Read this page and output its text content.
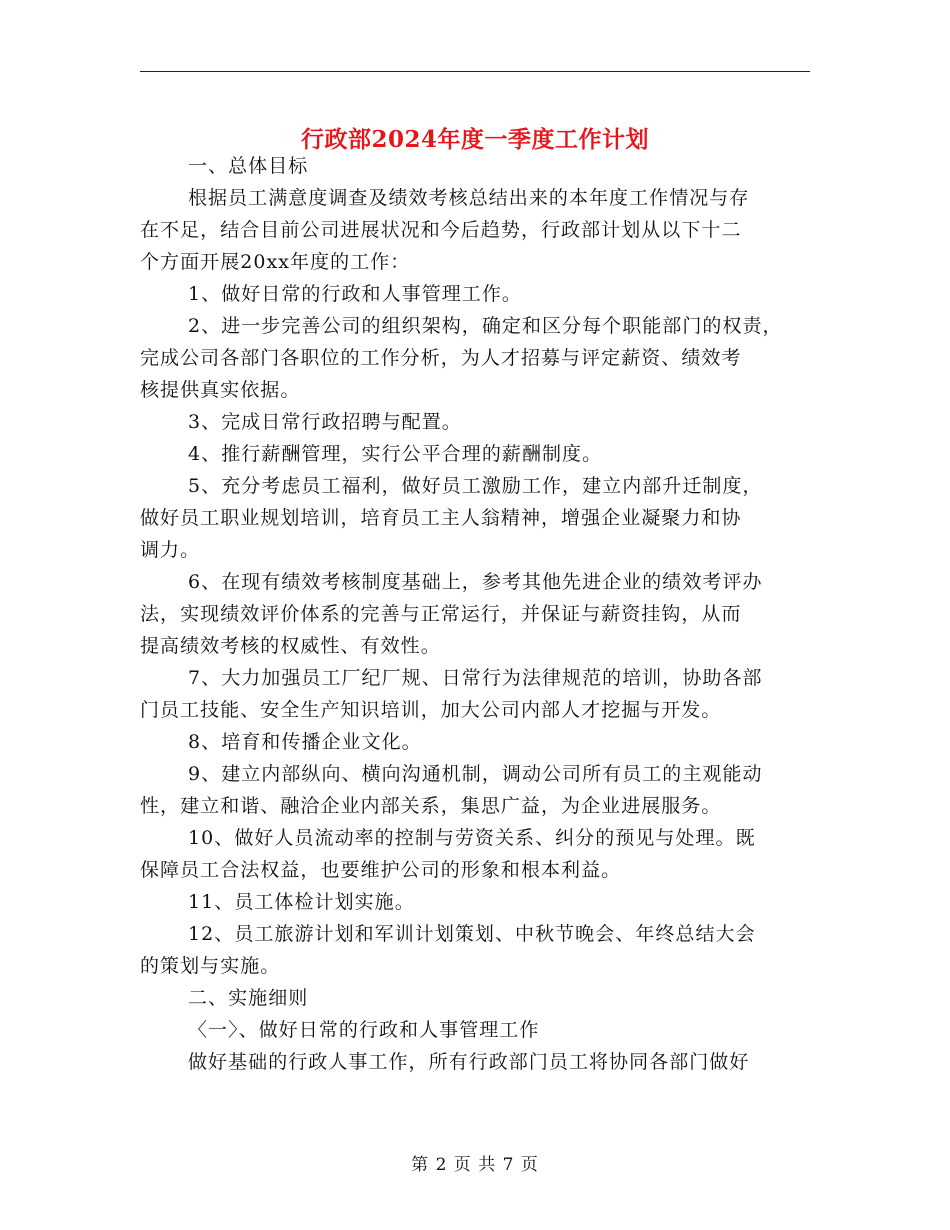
行政部2024年度一季度工作计划

一、总体目标

根据员工满意度调查及绩效考核总结出来的本年度工作情况与存
在不足，结合目前公司进展状况和今后趋势，行政部计划从以下十二
个方面开展20xx年度的工作：

1、做好日常的行政和人事管理工作。

2、进一步完善公司的组织架构，确定和区分每个职能部门的权责，
完成公司各部门各职位的工作分析，为人才招募与评定薪资、绩效考
核提供真实依据。

3、完成日常行政招聘与配置。

4、推行薪酬管理，实行公平合理的薪酬制度。

5、充分考虑员工福利，做好员工激励工作，建立内部升迁制度，
做好员工职业规划培训，培育员工主人翁精神，增强企业凝聚力和协
调力。

6、在现有绩效考核制度基础上，参考其他先进企业的绩效考评办
法，实现绩效评价体系的完善与正常运行，并保证与薪资挂钩，从而
提高绩效考核的权威性、有效性。

7、大力加强员工厂纪厂规、日常行为法律规范的培训，协助各部
门员工技能、安全生产知识培训，加大公司内部人才挖掘与开发。

8、培育和传播企业文化。

9、建立内部纵向、横向沟通机制，调动公司所有员工的主观能动
性，建立和谐、融洽企业内部关系，集思广益，为企业进展服务。

10、做好人员流动率的控制与劳资关系、纠分的预见与处理。既
保障员工合法权益，也要维护公司的形象和根本利益。

11、员工体检计划实施。

12、员工旅游计划和军训计划策划、中秋节晚会、年终总结大会
的策划与实施。

二、实施细则

〈一〉、做好日常的行政和人事管理工作

做好基础的行政人事工作，所有行政部门员工将协同各部门做好

第 2 页 共 7 页
